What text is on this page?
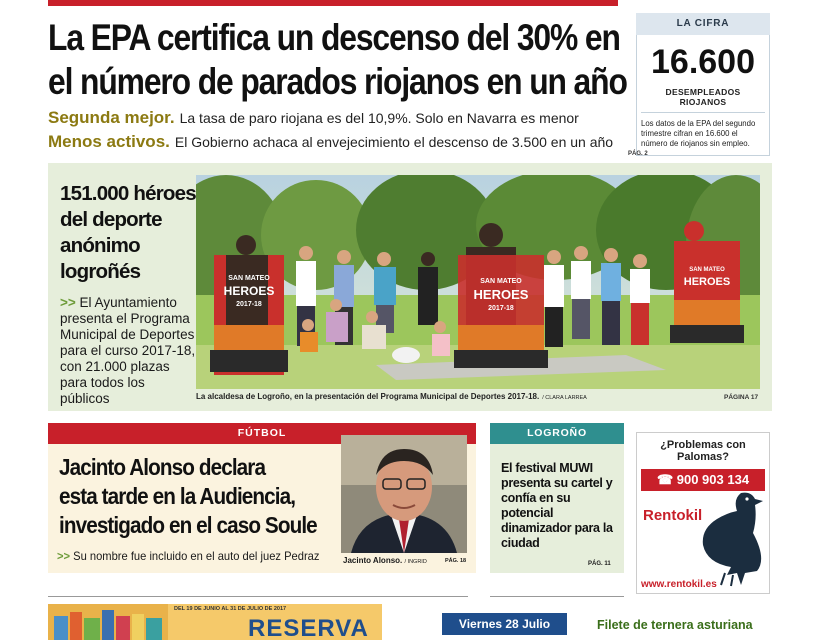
La EPA certifica un descenso del 30% en
el número de parados riojanos en un año
Segunda mejor. La tasa de paro riojana es del 10,9%. Solo en Navarra es menor
Menos activos. El Gobierno achaca al envejecimiento el descenso de 3.500 en un año
LA CIFRA
16.600
DESEMPLEADOS RIOJANOS
Los datos de la EPA del segundo trimestre cifran en 16.600 el número de riojanos sin empleo.
PÁG. 2
151.000 héroes del deporte anónimo logroñés

>> El Ayuntamiento presenta el Programa Municipal de Deportes para el curso 2017-18, con 21.000 plazas para todos los públicos

SAN MATEO
HEROES
2017-18
SAN MATEO
HEROES
2017-18
SAN MATEO
HEROES
La alcaldesa de Logroño, en la presentación del Programa Municipal de Deportes 2017-18. / CLARA LARREA	PÁGINA 17
FÚTBOL
Jacinto Alonso declara
esta tarde en la Audiencia,
investigado en el caso Soule
>> Su nombre fue incluido en el auto del juez Pedraz	Jacinto Alonso. / INGRID	PÁG. 18
LOGROÑO

El festival MUWI presenta su cartel y confía en su potencial dinamizador para la ciudad

PÁG. 11
¿Problemas con Palomas?
☎ 900 903 134
Rentokil
www.rentokil.es
DEL 19 DE JUNIO AL 31 DE JULIO DE 2017
RESERVA	Viernes 28 Julio	Filete de ternera asturiana
